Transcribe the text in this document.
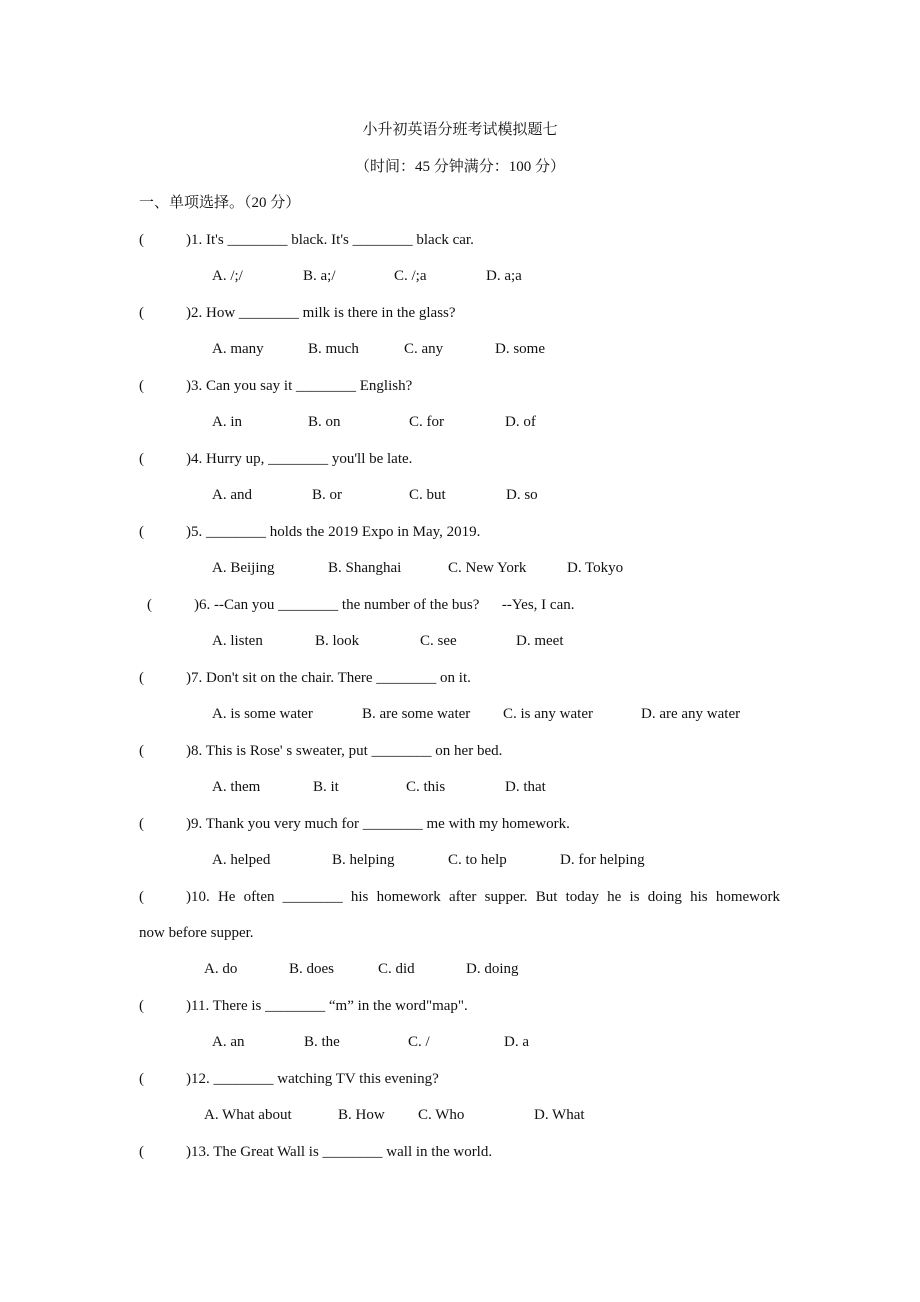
小升初英语分班考试模拟题七
（时间：45 分钟满分：100 分）
一、单项选择。（20 分）
(	)1. It's ________ black. It's ________ black car.
A. /;/	B. a;/	C. /;a	D. a;a
(	)2. How ________ milk is there in the glass?
A. many	B. much	C. any	D. some
(	)3. Can you say it ________ English?
A. in	B. on	C. for	D. of
(	)4. Hurry up, ________ you'll be late.
A. and	B. or	C. but	D. so
(	)5. ________ holds the 2019 Expo in May, 2019.
A. Beijing	B. Shanghai	C. New York	D. Tokyo
(	)6. --Can you ________ the number of the bus?      --Yes, I can.
A. listen	B. look	C. see	D. meet
(	)7. Don't sit on the chair. There ________ on it.
A. is some water	B. are some water C. is any water	D. are any water
(	)8. This is Rose' s sweater, put ________ on her bed.
A. them	B. it	C. this	D. that
(	)9. Thank you very much for ________ me with my homework.
A. helped	B. helping	C. to help	D. for helping
(	)10. He often ________ his homework after supper. But today he is doing his homework
now before supper.
A. do	B. does	C. did	D. doing
(	)11. There is ________ “m” in the word"map".
A. an	B. the	C. /	D. a
(	)12. ________ watching TV this evening?
A. What about	B. How C. Who	D. What
(	)13. The Great Wall is ________ wall in the world.
